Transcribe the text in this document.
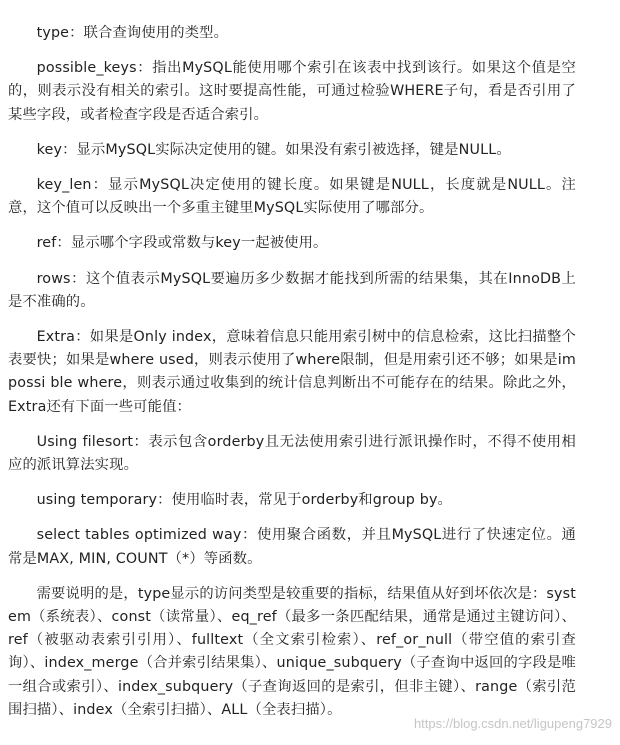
type：联合查询使用的类型。

possible_keys：指出MySQL能使用哪个索引在该表中找到该行。如果这个值是空的，则表示没有相关的索引。这时要提高性能，可通过检验WHERE子句，看是否引用了某些字段，或者检查字段是否适合索引。

key：显示MySQL实际决定使用的键。如果没有索引被选择，键是NULL。

key_len：显示MySQL决定使用的键长度。如果键是NULL，长度就是NULL。注意，这个值可以反映出一个多重主键里MySQL实际使用了哪部分。

ref：显示哪个字段或常数与key一起被使用。

rows：这个值表示MySQL要遍历多少数据才能找到所需的结果集，其在InnoDB上是不准确的。

Extra：如果是Only index，意味着信息只能用索引树中的信息检索，这比扫描整个表要快；如果是where used，则表示使用了where限制，但是用索引还不够；如果是impossi ble where，则表示通过收集到的统计信息判断出不可能存在的结果。除此之外，Extra还有下面一些可能值：

Using filesort：表示包含orderby且无法使用索引进行派讯操作时，不得不使用相应的派讯算法实现。

using temporary：使用临时表，常见于orderby和group by。

select tables optimized way：使用聚合函数，并且MySQL进行了快速定位。通常是MAX, MIN, COUNT（*）等函数。

需要说明的是，type显示的访问类型是较重要的指标，结果值从好到坏依次是：system（系统表）、const（读常量）、eq_ref（最多一条匹配结果，通常是通过主键访问）、ref（被驱动表索引引用）、fulltext（全文索引检索）、ref_or_null（带空值的索引查询）、index_merge（合并索引结果集）、unique_subquery（子查询中返回的字段是唯一组合或索引）、index_subquery（子查询返回的是索引，但非主键）、range（索引范围扫描）、index（全索引扫描）、ALL（全表扫描）。

https://blog.csdn.net/ligupeng7929
